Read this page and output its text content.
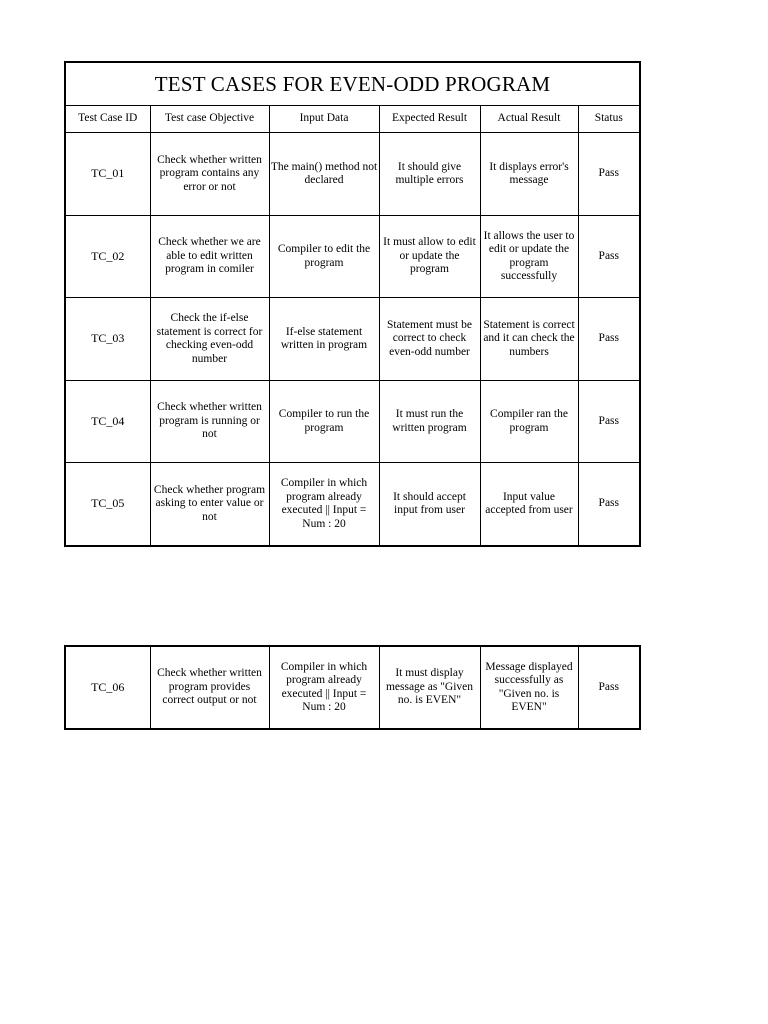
TEST CASES FOR EVEN-ODD PROGRAM					
Test Case ID	Test case Objective	Input Data	Expected Result	Actual Result	Status
TC_01	Check whether written program contains any error or not	The main() method not declared	It should give multiple errors	It displays error's message	Pass
TC_02	Check whether we are able to edit written program in comiler	Compiler to edit the program	It must allow to edit or update the program	It allows the user to edit or update the program successfully	Pass
TC_03	Check the if-else statement is correct for checking even-odd number	If-else statement written in program	Statement must be correct to check even-odd number	Statement is correct and it can check the numbers	Pass
TC_04	Check whether written program is running or not	Compiler to run the program	It must run the written program	Compiler ran the program	Pass
TC_05	Check whether program asking to enter value or not	Compiler in which program already executed || Input = Num : 20	It should accept input from user	Input value accepted from user	Pass
TC_06	Check whether written program provides correct output or not	Compiler in which program already executed || Input = Num : 20	It must display message as "Given no. is EVEN"	Message displayed successfully as "Given no. is EVEN"	Pass
